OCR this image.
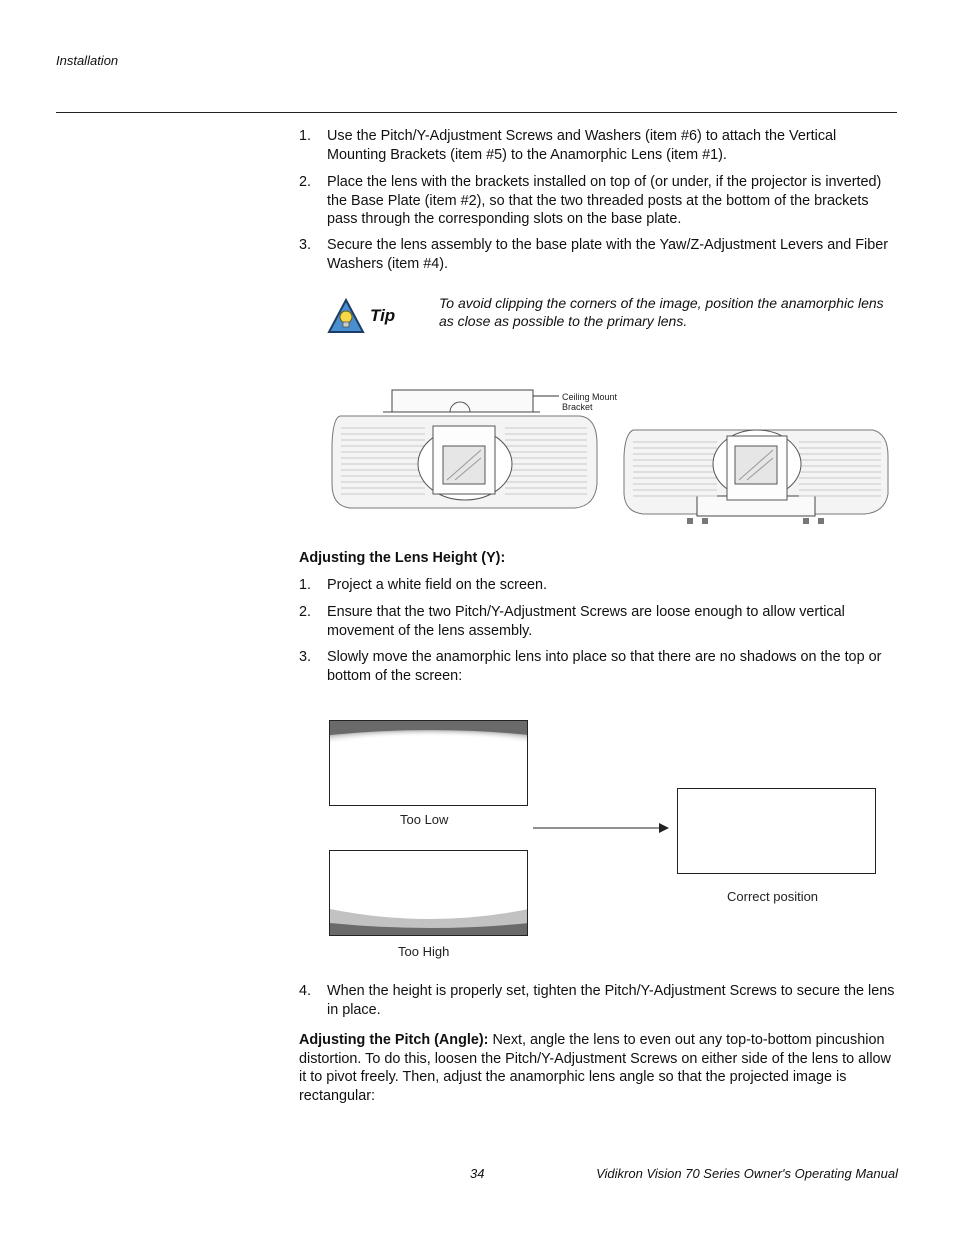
Installation
1. Use the Pitch/Y-Adjustment Screws and Washers (item #6) to attach the Vertical Mounting Brackets (item #5) to the Anamorphic Lens (item #1).
2. Place the lens with the brackets installed on top of (or under, if the projector is inverted) the Base Plate (item #2), so that the two threaded posts at the bottom of the brackets pass through the corresponding slots on the base plate.
3. Secure the lens assembly to the base plate with the Yaw/Z-Adjustment Levers and Fiber Washers (item #4).
Tip
To avoid clipping the corners of the image, position the anamorphic lens as close as possible to the primary lens.
Ceiling Mount
Bracket
Adjusting the Lens Height (Y):
1. Project a white field on the screen.
2. Ensure that the two Pitch/Y-Adjustment Screws are loose enough to allow vertical movement of the lens assembly.
3. Slowly move the anamorphic lens into place so that there are no shadows on the top or bottom of the screen:
Too Low
Too High
Correct position
4. When the height is properly set, tighten the Pitch/Y-Adjustment Screws to secure the lens in place.
Adjusting the Pitch (Angle): Next, angle the lens to even out any top-to-bottom pincushion distortion. To do this, loosen the Pitch/Y-Adjustment Screws on either side of the lens to allow it to pivot freely. Then, adjust the anamorphic lens angle so that the projected image is rectangular:
34	Vidikron Vision 70 Series Owner's Operating Manual
